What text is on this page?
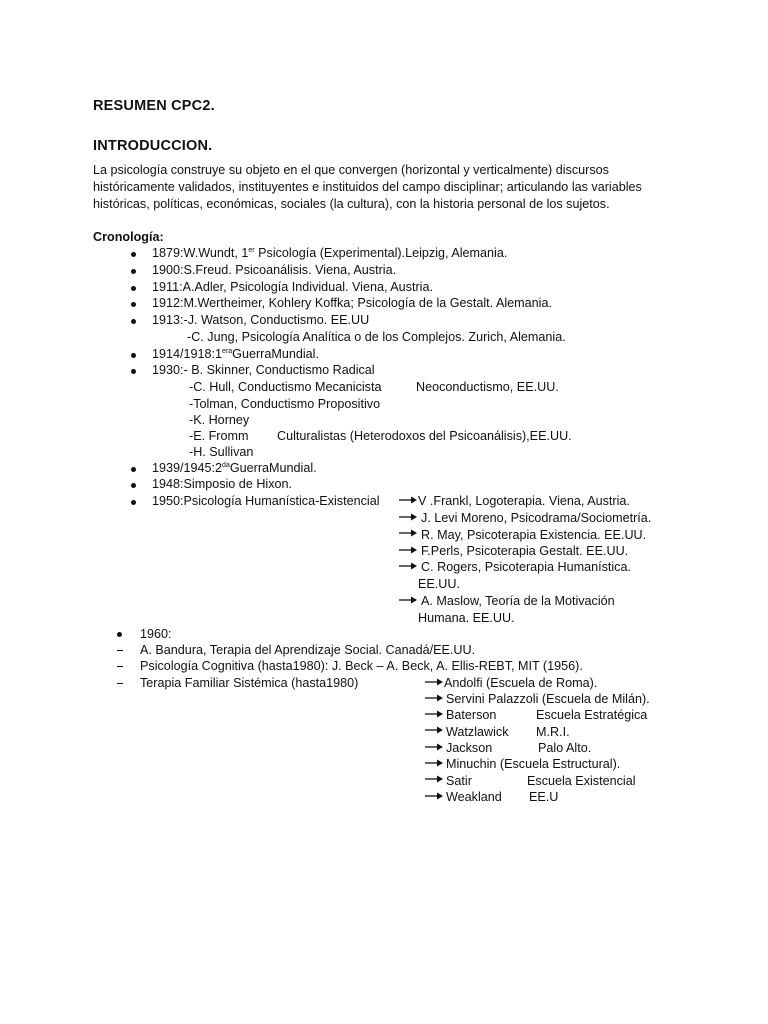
RESUMEN CPC2.
INTRODUCCION.
La psicología construye su objeto en el que convergen (horizontal y verticalmente) discursos
históricamente validados, instituyentes e instituidos del campo disciplinar; articulando las variables
históricas, políticas, económicas, sociales (la cultura), con la historia personal de los sujetos.
Cronología:
1879:W.Wundt, 1er Psicología (Experimental).Leipzig, Alemania.
1900:S.Freud. Psicoanálisis. Viena, Austria.
1911:A.Adler, Psicología Individual. Viena, Austria.
1912:M.Wertheimer, Kohlery Koffka; Psicología de la Gestalt. Alemania.
1913:-J. Watson, Conductismo. EE.UU
-C. Jung, Psicología Analítica o de los Complejos. Zurich, Alemania.
$1914/1918:1^{era}GuerraMundial$.
1930:- B. Skinner, Conductismo Radical
-C. Hull, Conductismo Mecanicista	Neoconductismo, EE.UU.
-Tolman, Conductismo Propositivo
-K. Horney
-E. Fromm Culturalistas (Heterodoxos del Psicoanálisis),EE.UU.
-H. Sullivan
$1939/1945:2^{da}GuerraMundial$.
1948:Simposio de Hixon.
1950:Psicología Humanística-Existencial	V .Frankl, Logoterapia. Viena, Austria.
J. Levi Moreno, Psicodrama/Sociometría.
R. May, Psicoterapia Existencia. EE.UU.
F.Perls, Psicoterapia Gestalt. EE.UU.
C. Rogers, Psicoterapia Humanística.
EE.UU.
A. Maslow, Teoría de la Motivación
Humana. EE.UU.
1960:
A. Bandura, Terapia del Aprendizaje Social. Canadá/EE.UU.
Psicología Cognitiva (hasta1980): J. Beck – A. Beck, A. Ellis-REBT, MIT (1956).
Terapia Familiar Sistémica (hasta1980)	Andolfi (Escuela de Roma).
Servini Palazzoli (Escuela de Milán).
Baterson	Escuela Estratégica
Watzlawick M.R.I.
Jackson	Palo Alto.
Minuchin (Escuela Estructural).
Satir	Escuela Existencial
Weakland EE.U
